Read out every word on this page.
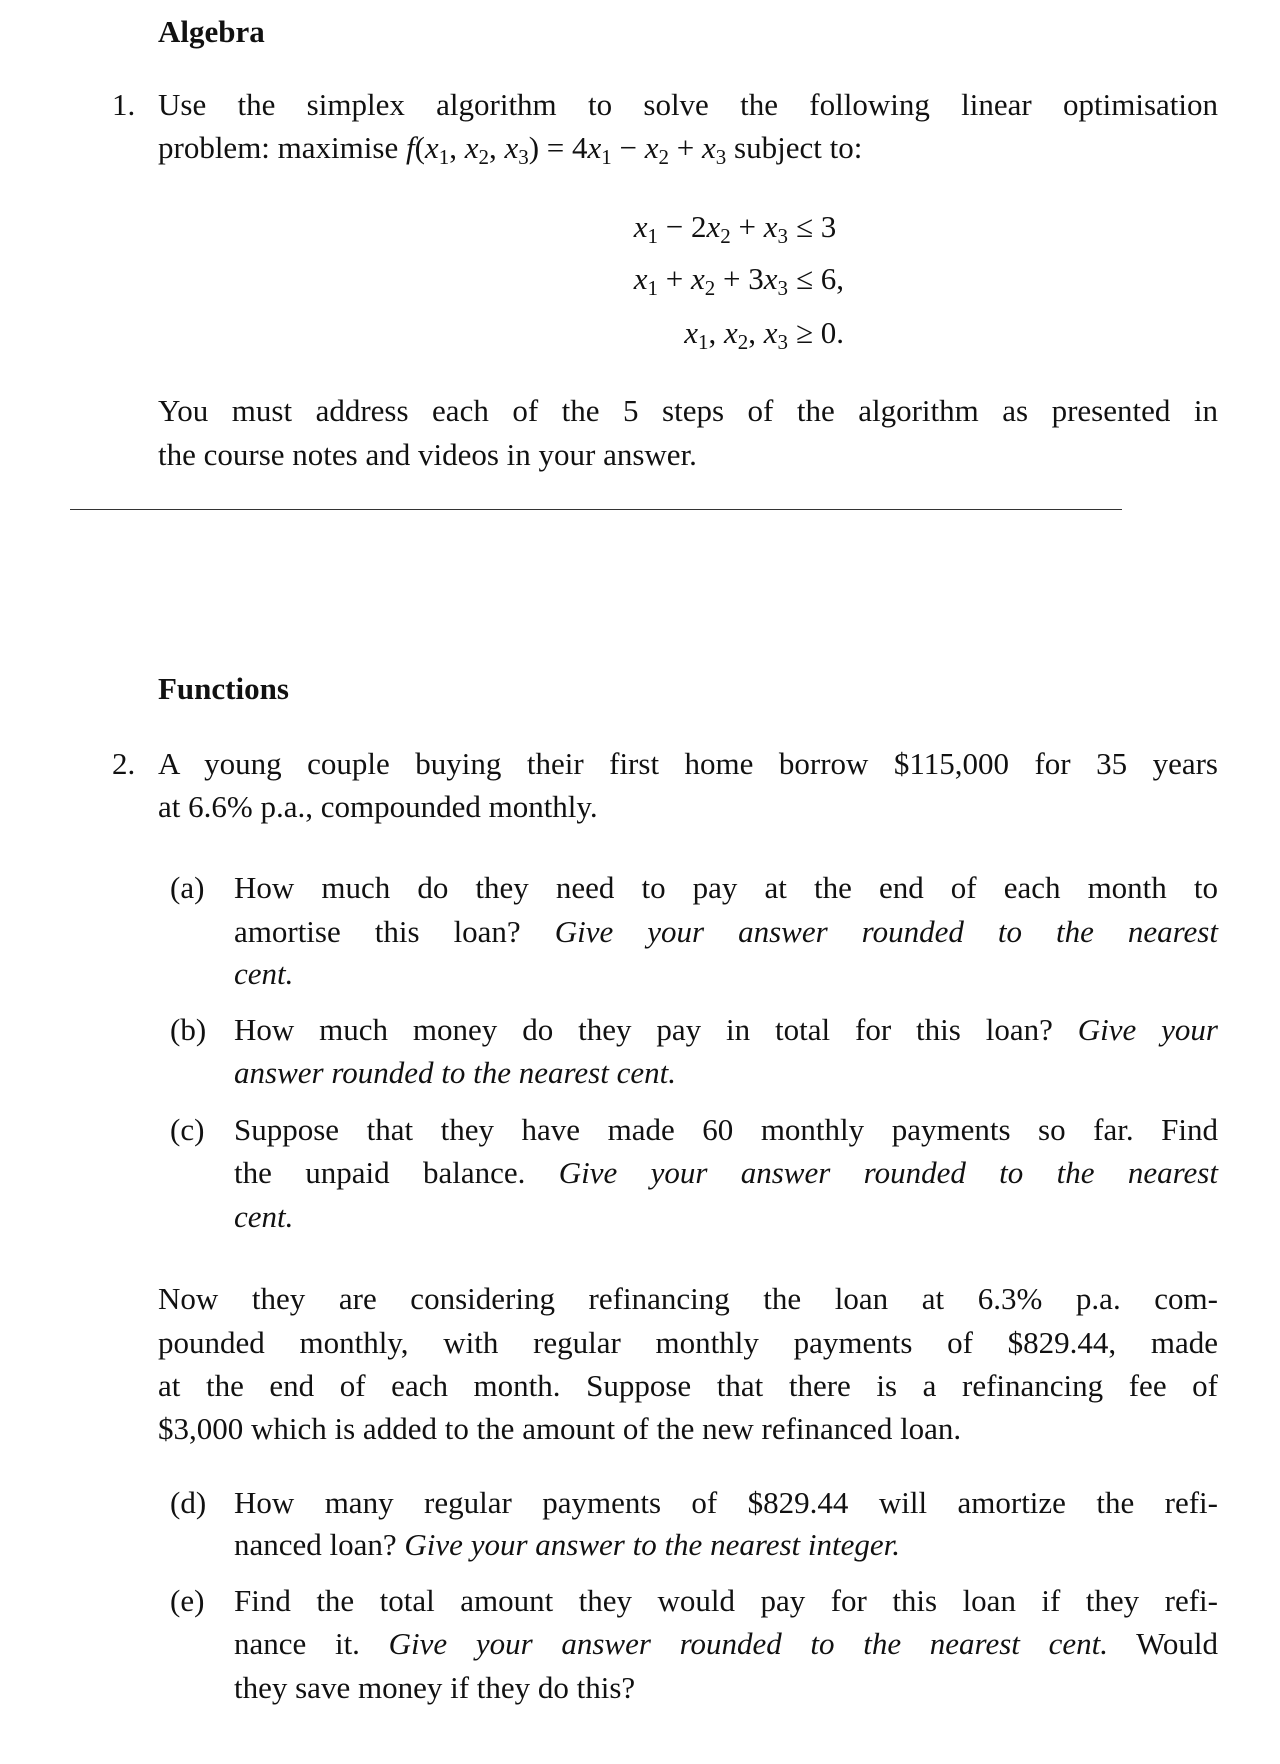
Algebra
Functions
1. Use the simplex algorithm to solve the following linear optimisation
problem: maximise f(x1, x2, x3) = 4x1 − x2 + x3 subject to:
x1 − 2x2 + x3 ≤ 3
x1 + x2 + 3x3 ≤ 6,
x1, x2, x3 ≥ 0.
You must address each of the 5 steps of the algorithm as presented in
the course notes and videos in your answer.
2. A young couple buying their first home borrow $115,000 for 35 years
at 6.6% p.a., compounded monthly.
(a) How much do they need to pay at the end of each month to
amortise this loan? Give your answer rounded to the nearest
cent.
(b) How much money do they pay in total for this loan? Give your
answer rounded to the nearest cent.
(c) Suppose that they have made 60 monthly payments so far. Find
the unpaid balance. Give your answer rounded to the nearest
cent.
Now they are considering refinancing the loan at 6.3% p.a. com-
pounded monthly, with regular monthly payments of $829.44, made
at the end of each month. Suppose that there is a refinancing fee of
$3,000 which is added to the amount of the new refinanced loan.
(d) How many regular payments of $829.44 will amortize the refi-
nanced loan? Give your answer to the nearest integer.
(e) Find the total amount they would pay for this loan if they refi-
nance it. Give your answer rounded to the nearest cent. Would
they save money if they do this?
